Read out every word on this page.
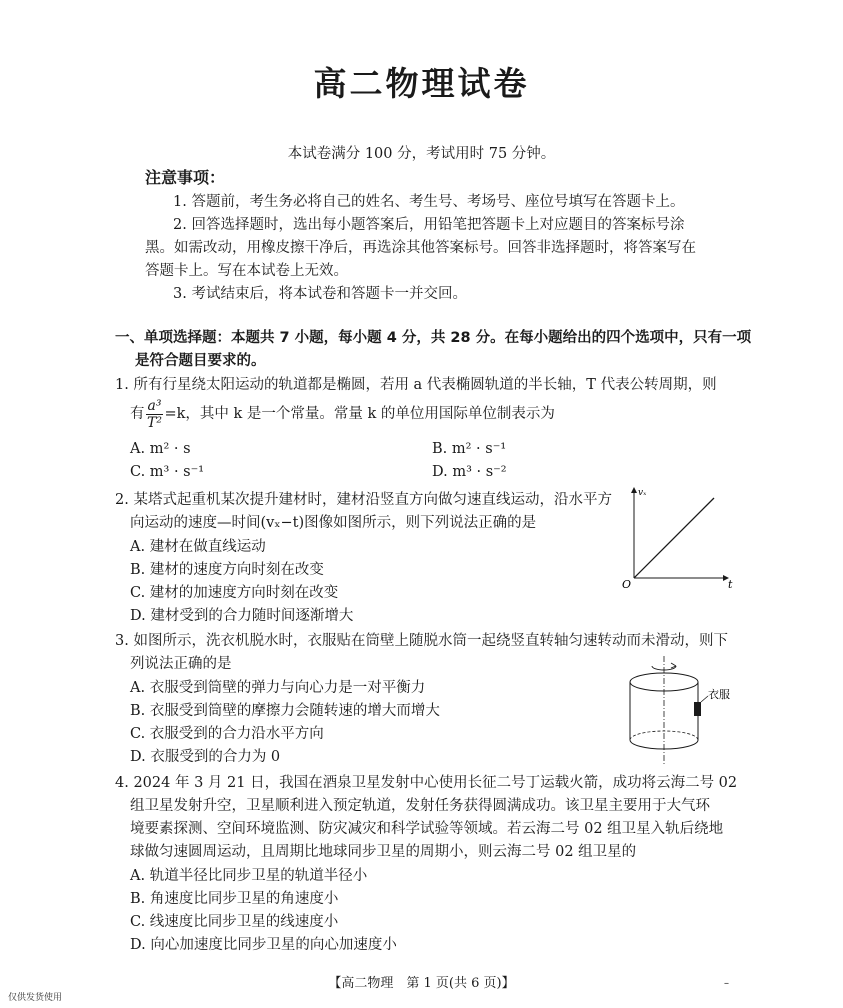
高二物理试卷
本试卷满分 100 分，考试用时 75 分钟。
注意事项：
1. 答题前，考生务必将自己的姓名、考生号、考场号、座位号填写在答题卡上。
2. 回答选择题时，选出每小题答案后，用铅笔把答题卡上对应题目的答案标号涂
黑。如需改动，用橡皮擦干净后，再选涂其他答案标号。回答非选择题时，将答案写在
答题卡上。写在本试卷上无效。
3. 考试结束后，将本试卷和答题卡一并交回。
一、单项选择题：本题共 7 小题，每小题 4 分，共 28 分。在每小题给出的四个选项中，只有一项
是符合题目要求的。
1. 所有行星绕太阳运动的轨道都是椭圆，若用 a 代表椭圆轨道的半长轴，T 代表公转周期，则
有 $\frac{\text{a³}}{\text{T²}} =k$，其中 k 是一个常量。常量 k 的单位用国际单位制表示为
A. m² · s	B. m² · s⁻¹
C. m³ · s⁻¹	D. m³ · s⁻²
2. 某塔式起重机某次提升建材时，建材沿竖直方向做匀速直线运动，沿水平方
向运动的速度—时间(vₓ−t)图像如图所示，则下列说法正确的是
A. 建材在做直线运动
B. 建材的速度方向时刻在改变
C. 建材的加速度方向时刻在改变
D. 建材受到的合力随时间逐渐增大
vₓ
t
O
3. 如图所示，洗衣机脱水时，衣服贴在筒壁上随脱水筒一起绕竖直转轴匀速转动而未滑动，则下
列说法正确的是
A. 衣服受到筒壁的弹力与向心力是一对平衡力
B. 衣服受到筒壁的摩擦力会随转速的增大而增大
C. 衣服受到的合力沿水平方向
D. 衣服受到的合力为 0
衣服
4. 2024 年 3 月 21 日，我国在酒泉卫星发射中心使用长征二号丁运载火箭，成功将云海二号 02
组卫星发射升空，卫星顺利进入预定轨道，发射任务获得圆满成功。该卫星主要用于大气环
境要素探测、空间环境监测、防灾减灾和科学试验等领域。若云海二号 02 组卫星入轨后绕地
球做匀速圆周运动，且周期比地球同步卫星的周期小，则云海二号 02 组卫星的
A. 轨道半径比同步卫星的轨道半径小
B. 角速度比同步卫星的角速度小
C. 线速度比同步卫星的线速度小
D. 向心加速度比同步卫星的向心加速度小
【高二物理　第 1 页(共 6 页)】
仅供发货使用
–
